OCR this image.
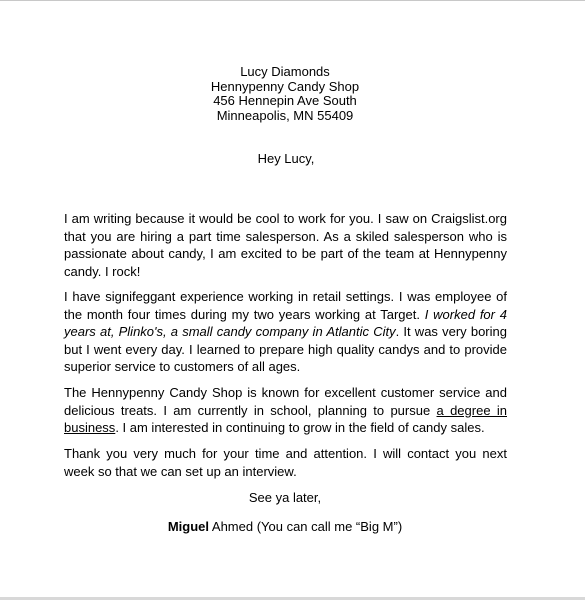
Lucy Diamonds
Hennypenny Candy Shop
456 Hennepin Ave South
Minneapolis, MN 55409
Hey Lucy,

I am writing because it would be cool to work for you. I saw on Craigslist.org that you are hiring a part time salesperson. As a skiled salesperson who is passionate about candy, I am excited to be part of the team at Hennypenny candy. I rock!

I have signifeggant experience working in retail settings. I was employee of the month four times during my two years working at Target. I worked for 4 years at, Plinko's, a small candy company in Atlantic City. It was very boring but I went every day. I learned to prepare high quality candys and to provide superior service to customers of all ages.

The Hennypenny Candy Shop is known for excellent customer service and delicious treats. I am currently in school, planning to pursue a degree in business. I am interested in continuing to grow in the field of candy sales.

Thank you very much for your time and attention. I will contact you next week so that we can set up an interview.

See ya later,
Miguel Ahmed (You can call me “Big M”)
